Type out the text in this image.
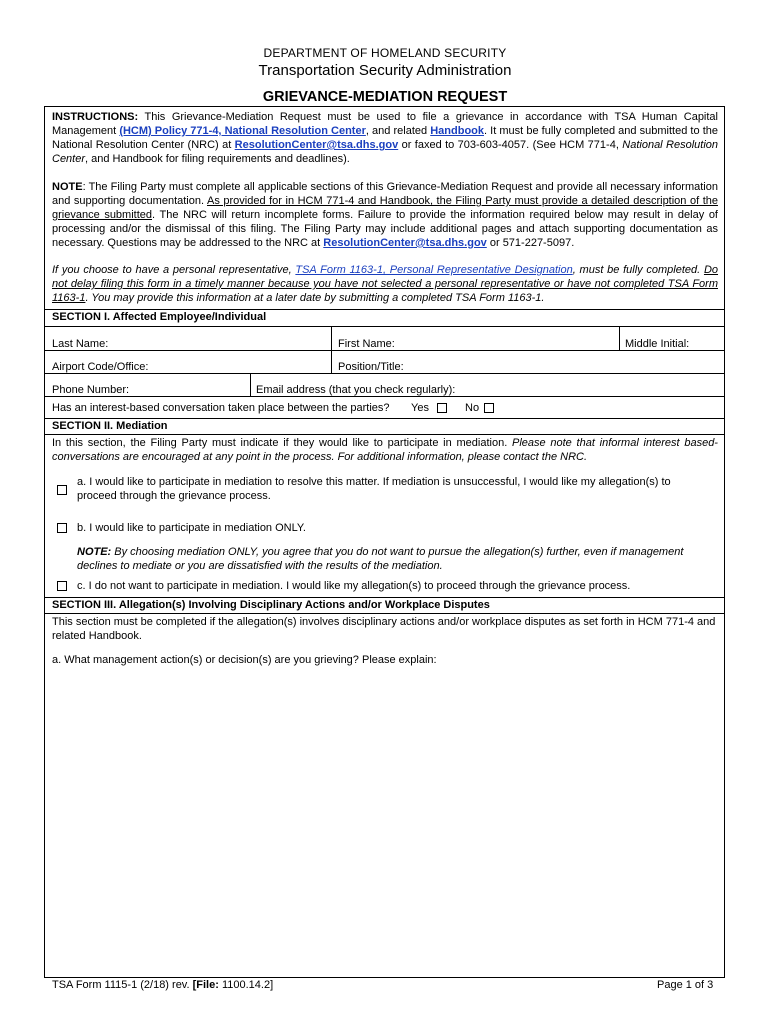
DEPARTMENT OF HOMELAND SECURITY
Transportation Security Administration
GRIEVANCE-MEDIATION REQUEST
INSTRUCTIONS: This Grievance-Mediation Request must be used to file a grievance in accordance with TSA Human Capital Management (HCM) Policy 771-4, National Resolution Center, and related Handbook. It must be fully completed and submitted to the National Resolution Center (NRC) at ResolutionCenter@tsa.dhs.gov or faxed to 703-603-4057. (See HCM 771-4, National Resolution Center, and Handbook for filing requirements and deadlines).
NOTE: The Filing Party must complete all applicable sections of this Grievance-Mediation Request and provide all necessary information and supporting documentation. As provided for in HCM 771-4 and Handbook, the Filing Party must provide a detailed description of the grievance submitted. The NRC will return incomplete forms. Failure to provide the information required below may result in delay of processing and/or the dismissal of this filing. The Filing Party may include additional pages and attach supporting documentation as necessary. Questions may be addressed to the NRC at ResolutionCenter@tsa.dhs.gov or 571-227-5097.
If you choose to have a personal representative, TSA Form 1163-1, Personal Representative Designation, must be fully completed. Do not delay filing this form in a timely manner because you have not selected a personal representative or have not completed TSA Form 1163-1. You may provide this information at a later date by submitting a completed TSA Form 1163-1.
SECTION I. Affected Employee/Individual
Last Name:	First Name:	Middle Initial:
Airport Code/Office:	Position/Title:
Phone Number:	Email address (that you check regularly):
Has an interest-based conversation taken place between the parties? Yes	No
SECTION II. Mediation
In this section, the Filing Party must indicate if they would like to participate in mediation. Please note that informal interest based-conversations are encouraged at any point in the process. For additional information, please contact the NRC.
a. I would like to participate in mediation to resolve this matter. If mediation is unsuccessful, I would like my allegation(s) to proceed through the grievance process.
b. I would like to participate in mediation ONLY.
NOTE: By choosing mediation ONLY, you agree that you do not want to pursue the allegation(s) further, even if management declines to mediate or you are dissatisfied with the results of the mediation.
c. I do not want to participate in mediation. I would like my allegation(s) to proceed through the grievance process.
SECTION III. Allegation(s) Involving Disciplinary Actions and/or Workplace Disputes
This section must be completed if the allegation(s) involves disciplinary actions and/or workplace disputes as set forth in HCM 771-4 and related Handbook.
a. What management action(s) or decision(s) are you grieving? Please explain:
TSA Form 1115-1 (2/18) rev. [File: 1100.14.2]	Page 1 of 3
